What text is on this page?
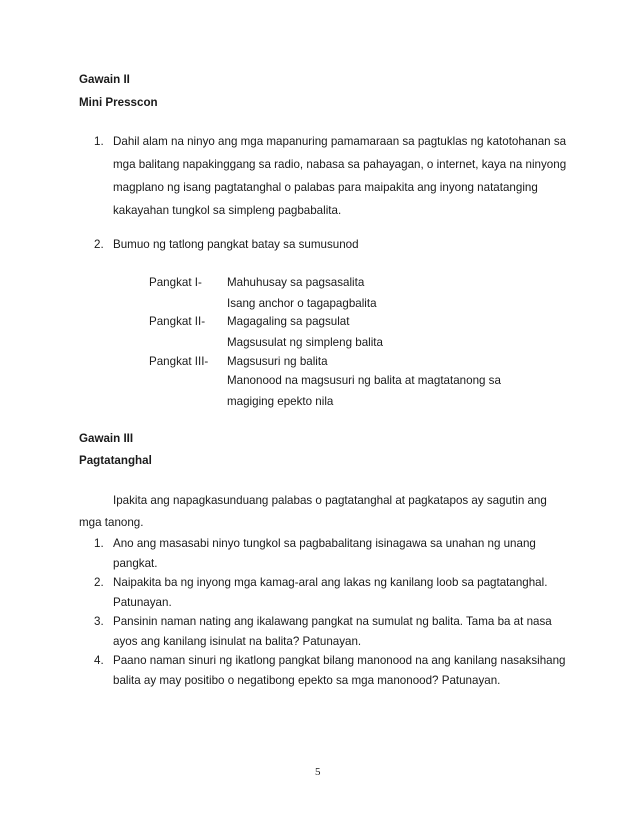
Gawain II
Mini Presscon
1. Dahil alam na ninyo ang mga mapanuring pamamaraan sa pagtuklas ng katotohanan sa
mga balitang napakinggang sa radio, nabasa sa pahayagan, o internet, kaya na ninyong
magplano ng isang pagtatanghal o palabas para maipakita ang inyong natatanging
kakayahan tungkol sa simpleng pagbabalita.
2. Bumuo ng tatlong pangkat batay sa sumusunod
Pangkat I- Mahuhusay sa pagsasalita
Isang anchor o tagapagbalita
Pangkat II- Magagaling sa pagsulat
Magsusulat ng simpleng balita
Pangkat III- Magsusuri ng balita
Manonood na magsusuri ng balita at magtatanong sa
magiging epekto nila
Gawain III
Pagtatanghal
Ipakita ang napagkasunduang palabas o pagtatanghal at pagkatapos ay sagutin ang
mga tanong.
1. Ano ang masasabi ninyo tungkol sa pagbabalitang isinagawa sa unahan ng unang
pangkat.
2. Naipakita ba ng inyong mga kamag-aral ang lakas ng kanilang loob sa pagtatanghal.
Patunayan.
3. Pansinin naman nating ang ikalawang pangkat na sumulat ng balita. Tama ba at nasa
ayos ang kanilang isinulat na balita? Patunayan.
4. Paano naman sinuri ng ikatlong pangkat bilang manonood na ang kanilang nasaksihang
balita ay may positibo o negatibong epekto sa mga manonood? Patunayan.
5
